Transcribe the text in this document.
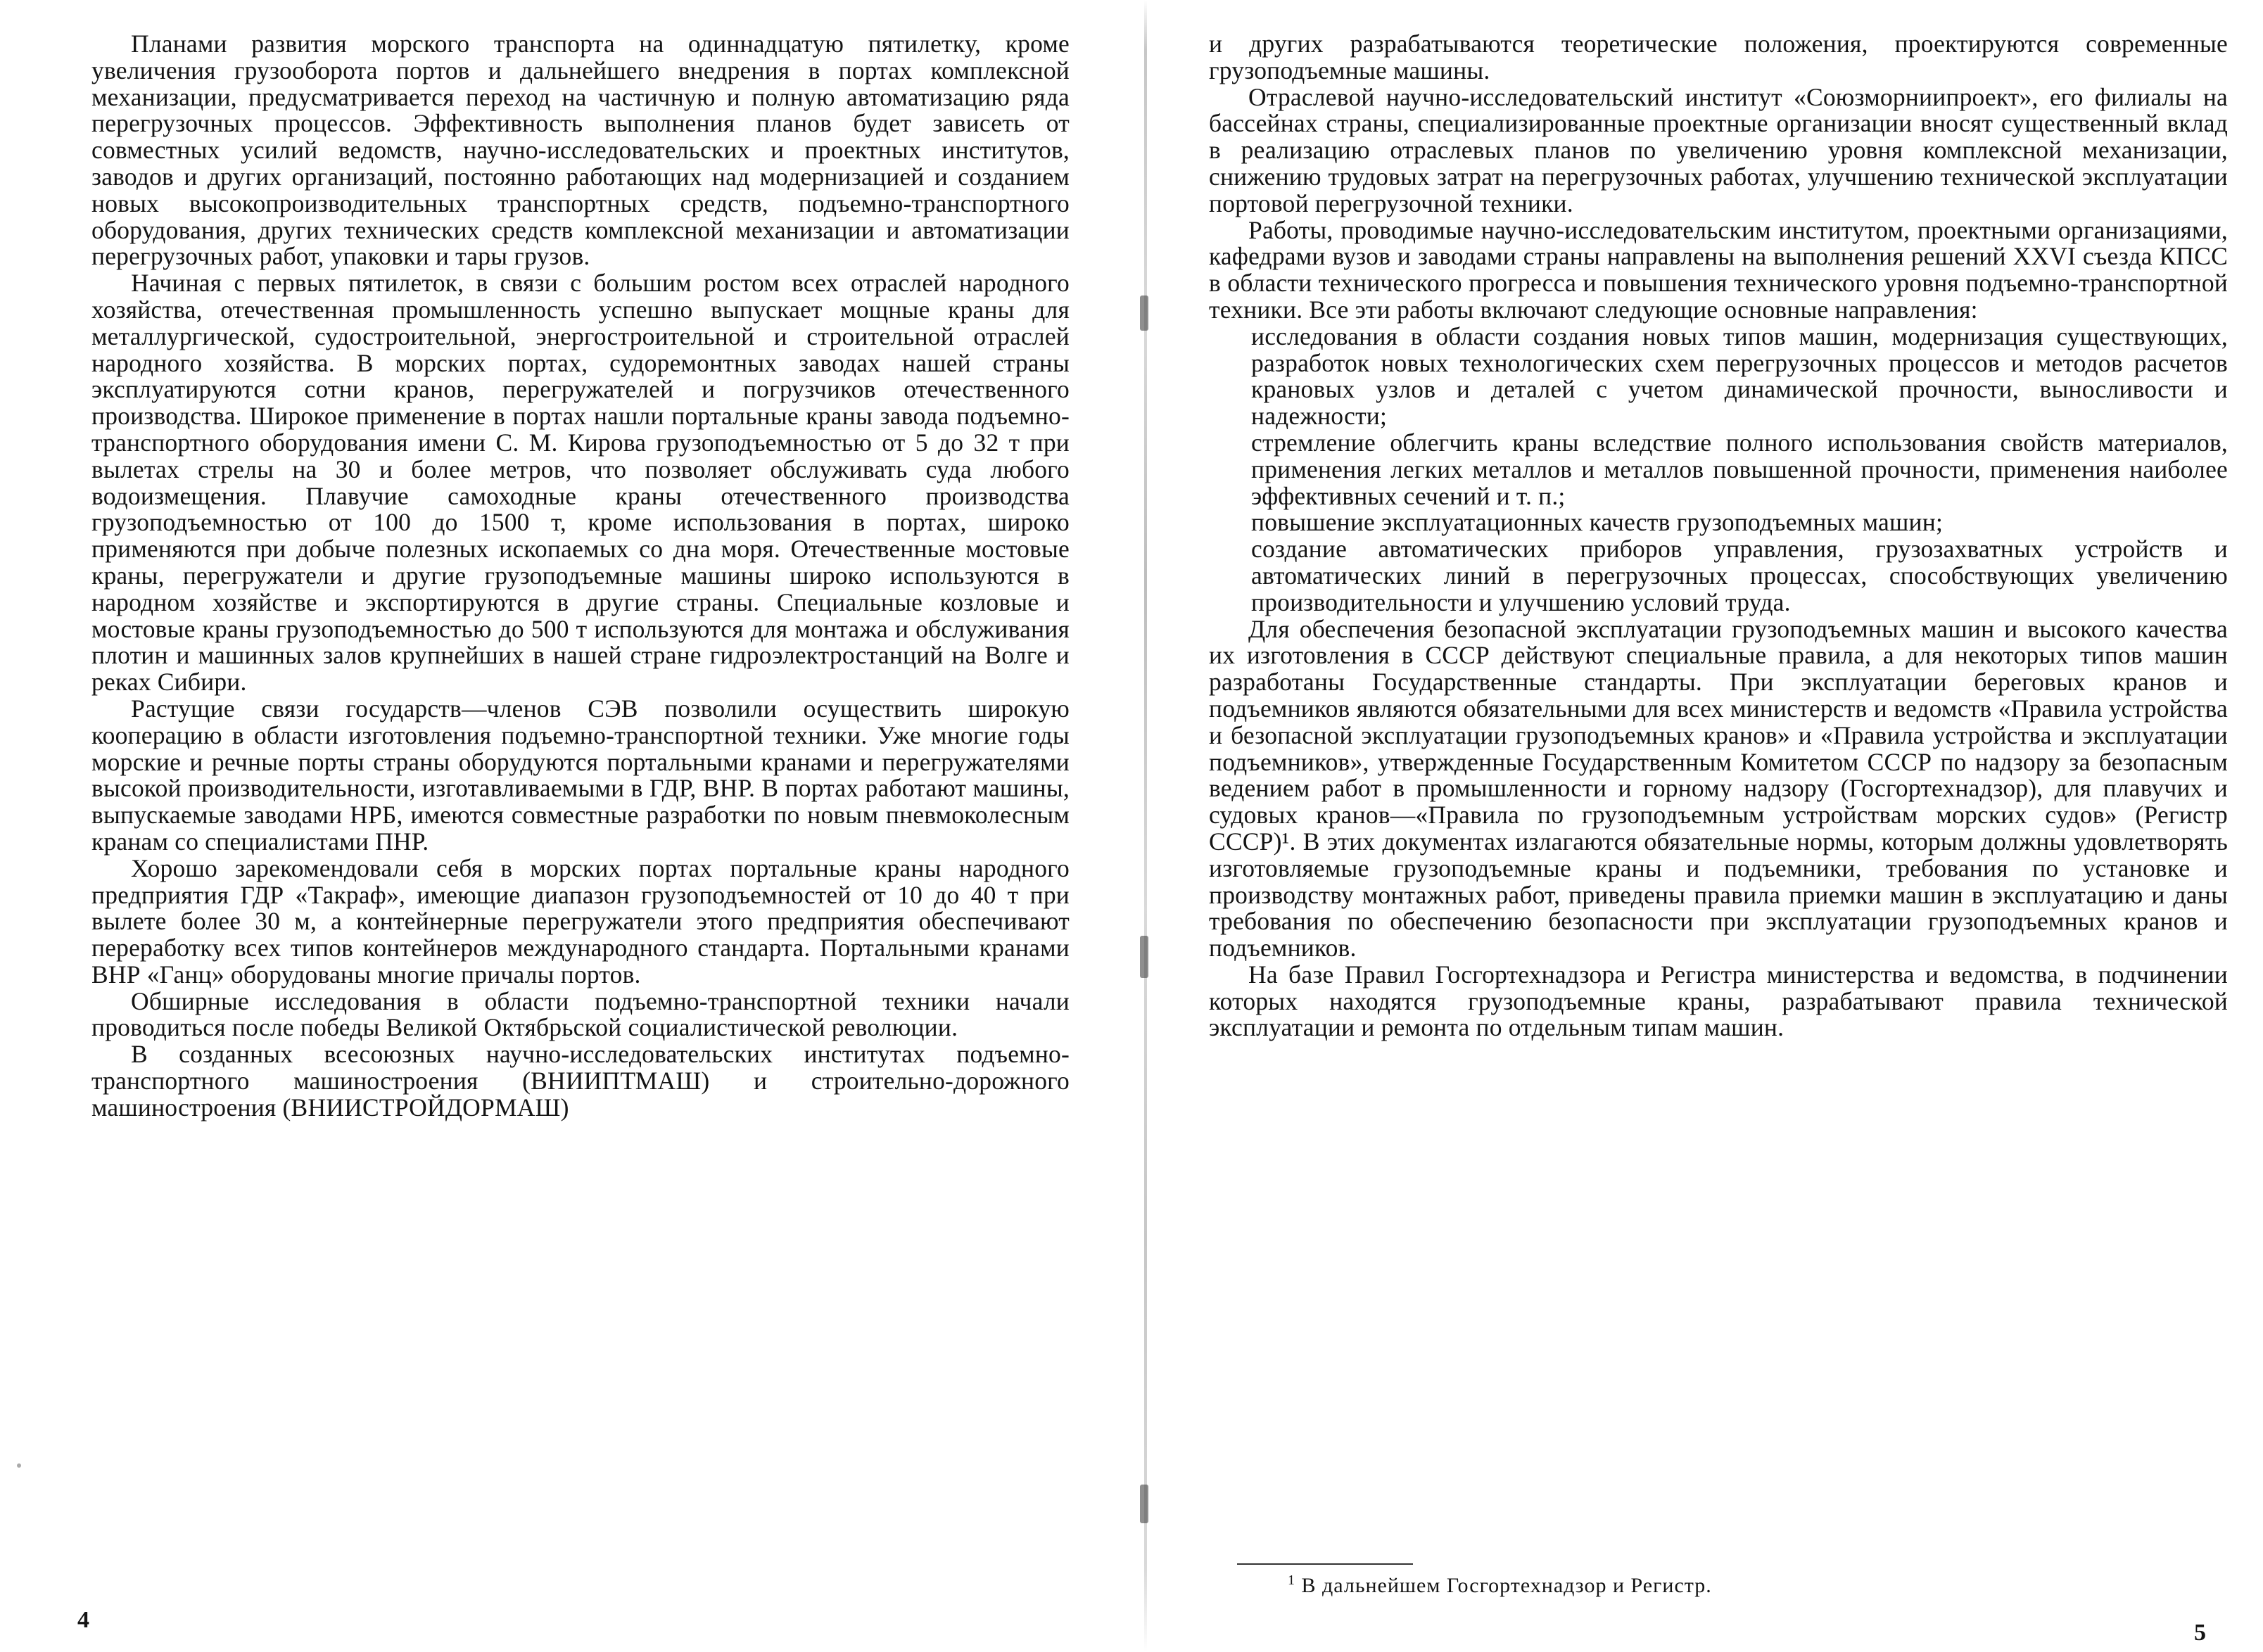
Планами развития морского транспорта на одиннадцатую пятилетку, кроме увеличения грузооборота портов и дальнейшего внедрения в портах комплексной механизации, предусматривается переход на частичную и полную автоматизацию ряда перегрузочных процессов. Эффективность выполнения планов будет зависеть от совместных усилий ведомств, научно-исследовательских и проектных институтов, заводов и других организаций, постоянно работающих над модернизацией и созданием новых высокопроизводительных транспортных средств, подъемно-транспортного оборудования, других технических средств комплексной механизации и автоматизации перегрузочных работ, упаковки и тары грузов.

Начиная с первых пятилеток, в связи с большим ростом всех отраслей народного хозяйства, отечественная промышленность успешно выпускает мощные краны для металлургической, судостроительной, энергостроительной и строительной отраслей народного хозяйства. В морских портах, судоремонтных заводах нашей страны эксплуатируются сотни кранов, перегружателей и погрузчиков отечественного производства. Широкое применение в портах нашли портальные краны завода подъемно-транспортного оборудования имени С. М. Кирова грузоподъемностью от 5 до 32 т при вылетах стрелы на 30 и более метров, что позволяет обслуживать суда любого водоизмещения. Плавучие самоходные краны отечественного производства грузоподъемностью от 100 до 1500 т, кроме использования в портах, широко применяются при добыче полезных ископаемых со дна моря. Отечественные мостовые краны, перегружатели и другие грузоподъемные машины широко используются в народном хозяйстве и экспортируются в другие страны. Специальные козловые и мостовые краны грузоподъемностью до 500 т используются для монтажа и обслуживания плотин и машинных залов крупнейших в нашей стране гидроэлектростанций на Волге и реках Сибири.

Растущие связи государств—членов СЭВ позволили осуществить широкую кооперацию в области изготовления подъемно-транспортной техники. Уже многие годы морские и речные порты страны оборудуются портальными кранами и перегружателями высокой производительности, изготавливаемыми в ГДР, ВНР. В портах работают машины, выпускаемые заводами НРБ, имеются совместные разработки по новым пневмоколесным кранам со специалистами ПНР.

Хорошо зарекомендовали себя в морских портах портальные краны народного предприятия ГДР «Такраф», имеющие диапазон грузоподъемностей от 10 до 40 т при вылете более 30 м, а контейнерные перегружатели этого предприятия обеспечивают переработку всех типов контейнеров международного стандарта. Портальными кранами ВНР «Ганц» оборудованы многие причалы портов.

Обширные исследования в области подъемно-транспортной техники начали проводиться после победы Великой Октябрьской социалистической революции.

В созданных всесоюзных научно-исследовательских институтах подъемно-транспортного машиностроения (ВНИИПТМАШ) и строительно-дорожного машиностроения (ВНИИСТРОЙДОРМАШ)

4

и других разрабатываются теоретические положения, проектируются современные грузоподъемные машины.

Отраслевой научно-исследовательский институт «Союзморниипроект», его филиалы на бассейнах страны, специализированные проектные организации вносят существенный вклад в реализацию отраслевых планов по увеличению уровня комплексной механизации, снижению трудовых затрат на перегрузочных работах, улучшению технической эксплуатации портовой перегрузочной техники.

Работы, проводимые научно-исследовательским институтом, проектными организациями, кафедрами вузов и заводами страны направлены на выполнения решений XXVI съезда КПСС в области технического прогресса и повышения технического уровня подъемно-транспортной техники. Все эти работы включают следующие основные направления:

исследования в области создания новых типов машин, модернизация существующих, разработок новых технологических схем перегрузочных процессов и методов расчетов крановых узлов и деталей с учетом динамической прочности, выносливости и надежности;

стремление облегчить краны вследствие полного использования свойств материалов, применения легких металлов и металлов повышенной прочности, применения наиболее эффективных сечений и т. п.;

повышение эксплуатационных качеств грузоподъемных машин;

создание автоматических приборов управления, грузозахватных устройств и автоматических линий в перегрузочных процессах, способствующих увеличению производительности и улучшению условий труда.

Для обеспечения безопасной эксплуатации грузоподъемных машин и высокого качества их изготовления в СССР действуют специальные правила, а для некоторых типов машин разработаны Государственные стандарты. При эксплуатации береговых кранов и подъемников являются обязательными для всех министерств и ведомств «Правила устройства и безопасной эксплуатации грузоподъемных кранов» и «Правила устройства и эксплуатации подъемников», утвержденные Государственным Комитетом СССР по надзору за безопасным ведением работ в промышленности и горному надзору (Госгортехнадзор), для плавучих и судовых кранов—«Правила по грузоподъемным устройствам морских судов» (Регистр СССР)¹. В этих документах излагаются обязательные нормы, которым должны удовлетворять изготовляемые грузоподъемные краны и подъемники, требования по установке и производству монтажных работ, приведены правила приемки машин в эксплуатацию и даны требования по обеспечению безопасности при эксплуатации грузоподъемных кранов и подъемников.

На базе Правил Госгортехнадзора и Регистра министерства и ведомства, в подчинении которых находятся грузоподъемные краны, разрабатывают правила технической эксплуатации и ремонта по отдельным типам машин.

$^1$ В дальнейшем Госгортехнадзор и Регистр.
5
